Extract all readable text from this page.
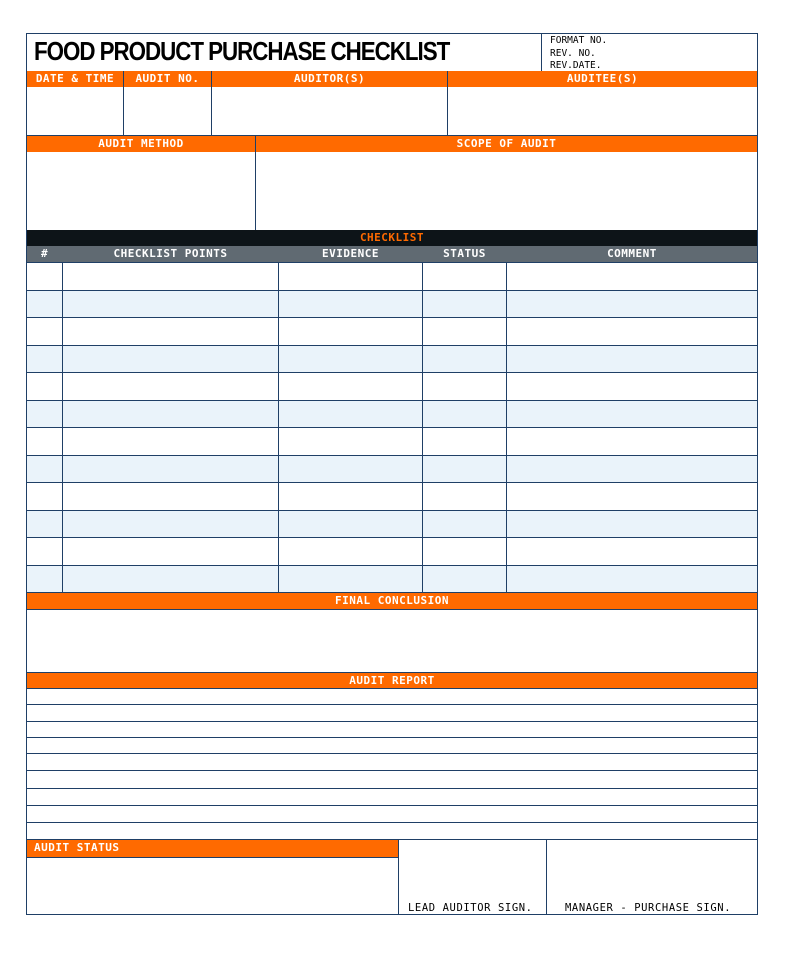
FOOD PRODUCT PURCHASE CHECKLIST	FORMAT NO.
REV. NO.
REV.DATE.
DATE & TIME	AUDIT NO.	AUDITOR(S)	AUDITEE(S)
AUDIT METHOD	SCOPE OF AUDIT
CHECKLIST
#	CHECKLIST POINTS	EVIDENCE	STATUS	COMMENT
FINAL CONCLUSION
AUDIT REPORT
AUDIT STATUS
LEAD AUDITOR SIGN.	MANAGER - PURCHASE SIGN.
